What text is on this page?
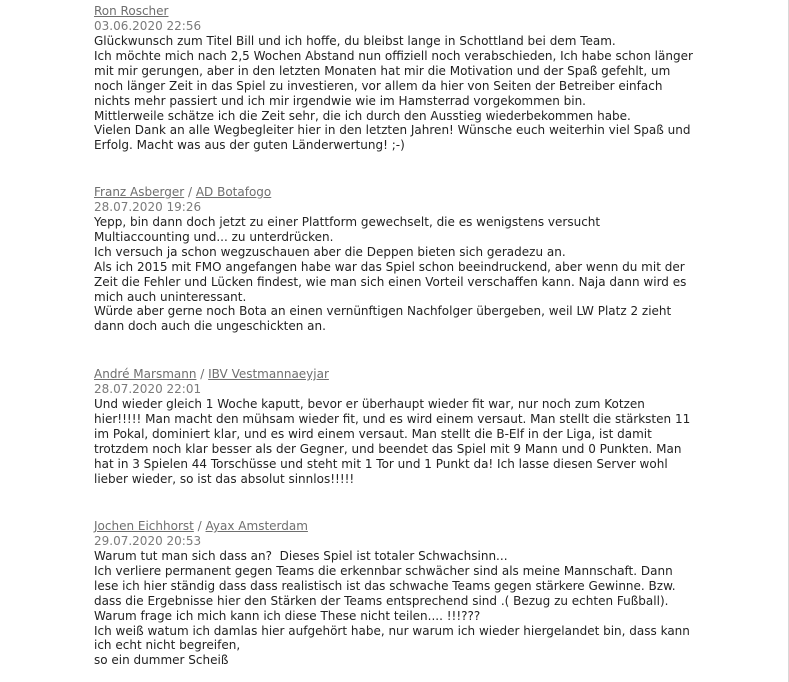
Ron Roscher
03.06.2020 22:56
Glückwunsch zum Titel Bill und ich hoffe, du bleibst lange in Schottland bei dem Team.
Ich möchte mich nach 2,5 Wochen Abstand nun offiziell noch verabschieden, Ich habe schon länger
mit mir gerungen, aber in den letzten Monaten hat mir die Motivation und der Spaß gefehlt, um
noch länger Zeit in das Spiel zu investieren, vor allem da hier von Seiten der Betreiber einfach
nichts mehr passiert und ich mir irgendwie wie im Hamsterrad vorgekommen bin.
Mittlerweile schätze ich die Zeit sehr, die ich durch den Ausstieg wiederbekommen habe.
Vielen Dank an alle Wegbegleiter hier in den letzten Jahren! Wünsche euch weiterhin viel Spaß und
Erfolg. Macht was aus der guten Länderwertung! ;-)
Franz Asberger / AD Botafogo
28.07.2020 19:26
Yepp, bin dann doch jetzt zu einer Plattform gewechselt, die es wenigstens versucht
Multiaccounting und... zu unterdrücken.
Ich versuch ja schon wegzuschauen aber die Deppen bieten sich geradezu an.
Als ich 2015 mit FMO angefangen habe war das Spiel schon beeindruckend, aber wenn du mit der
Zeit die Fehler und Lücken findest, wie man sich einen Vorteil verschaffen kann. Naja dann wird es
mich auch uninteressant.
Würde aber gerne noch Bota an einen vernünftigen Nachfolger übergeben, weil LW Platz 2 zieht
dann doch auch die ungeschickten an.
André Marsmann / IBV Vestmannaeyjar
28.07.2020 22:01
Und wieder gleich 1 Woche kaputt, bevor er überhaupt wieder fit war, nur noch zum Kotzen
hier!!!!! Man macht den mühsam wieder fit, und es wird einem versaut. Man stellt die stärksten 11
im Pokal, dominiert klar, und es wird einem versaut. Man stellt die B-Elf in der Liga, ist damit
trotzdem noch klar besser als der Gegner, und beendet das Spiel mit 9 Mann und 0 Punkten. Man
hat in 3 Spielen 44 Torschüsse und steht mit 1 Tor und 1 Punkt da! Ich lasse diesen Server wohl
lieber wieder, so ist das absolut sinnlos!!!!!
Jochen Eichhorst / Ayax Amsterdam
29.07.2020 20:53
Warum tut man sich dass an?  Dieses Spiel ist totaler Schwachsinn...
Ich verliere permanent gegen Teams die erkennbar schwächer sind als meine Mannschaft. Dann
lese ich hier ständig dass dass realistisch ist das schwache Teams gegen stärkere Gewinne. Bzw.
dass die Ergebnisse hier den Stärken der Teams entsprechend sind .( Bezug zu echten Fußball).
Warum frage ich mich kann ich diese These nicht teilen.... !!!???
Ich weiß watum ich damlas hier aufgehört habe, nur warum ich wieder hiergelandet bin, dass kann
ich echt nicht begreifen,
so ein dummer Scheiß
